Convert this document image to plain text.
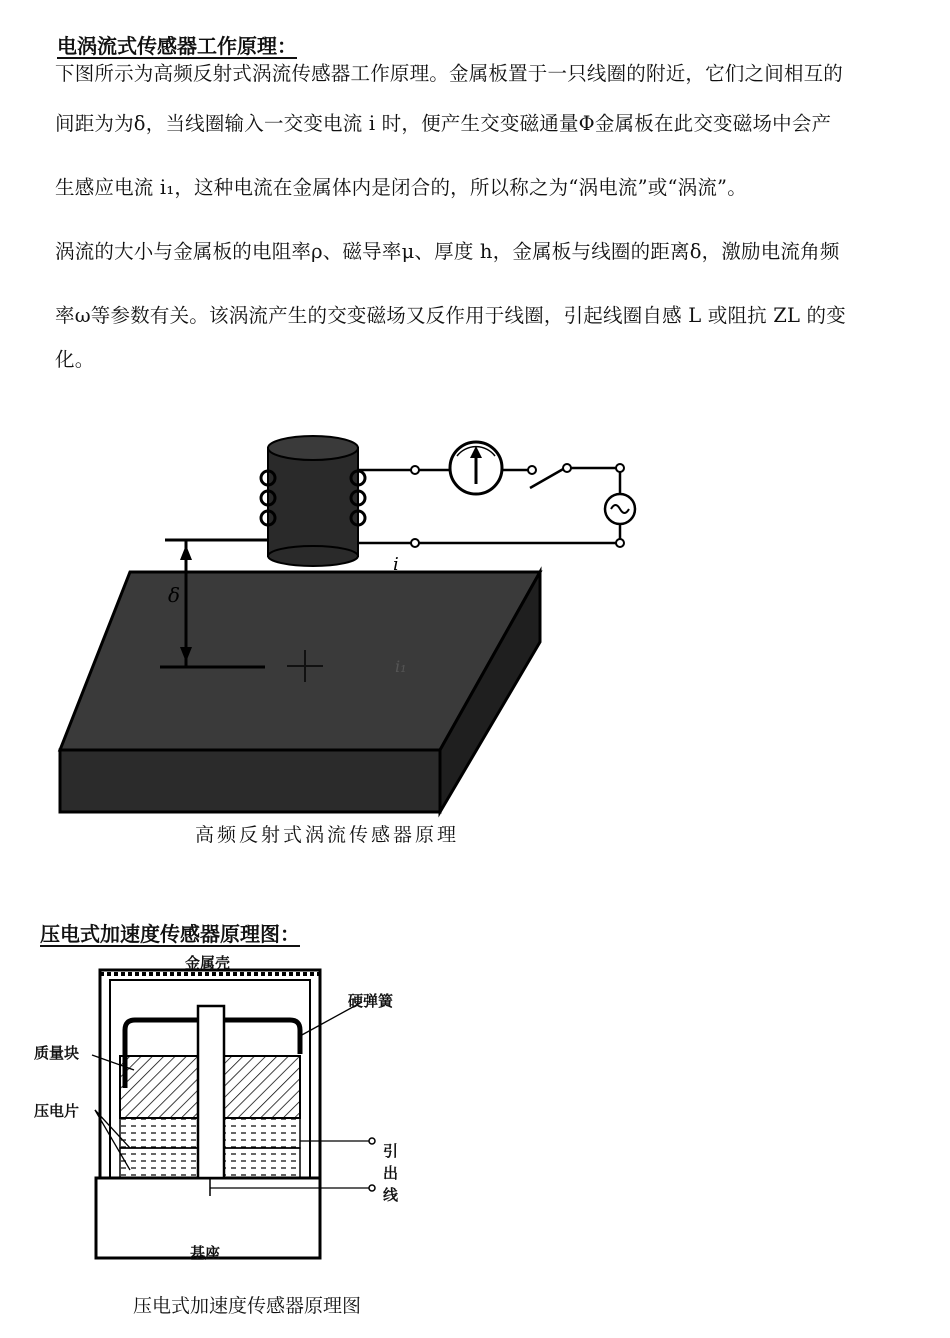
电涡流式传感器工作原理：
下图所示为高频反射式涡流传感器工作原理。金属板置于一只线圈的附近，它们之间相互的
间距为为δ，当线圈输入一交变电流 i 时，便产生交变磁通量Φ金属板在此交变磁场中会产
生感应电流 i₁，这种电流在金属体内是闭合的，所以称之为“涡电流”或“涡流”。
涡流的大小与金属板的电阻率ρ、磁导率μ、厚度 h，金属板与线圈的距离δ，激励电流角频
率ω等参数有关。该涡流产生的交变磁场又反作用于线圈，引起线圈自感 L 或阻抗 ZL 的变
化。
δ
i
i₁
高频反射式涡流传感器原理
压电式加速度传感器原理图：
金属壳
硬弹簧
质量块
压电片
引
出
线
基座
压电式加速度传感器原理图
